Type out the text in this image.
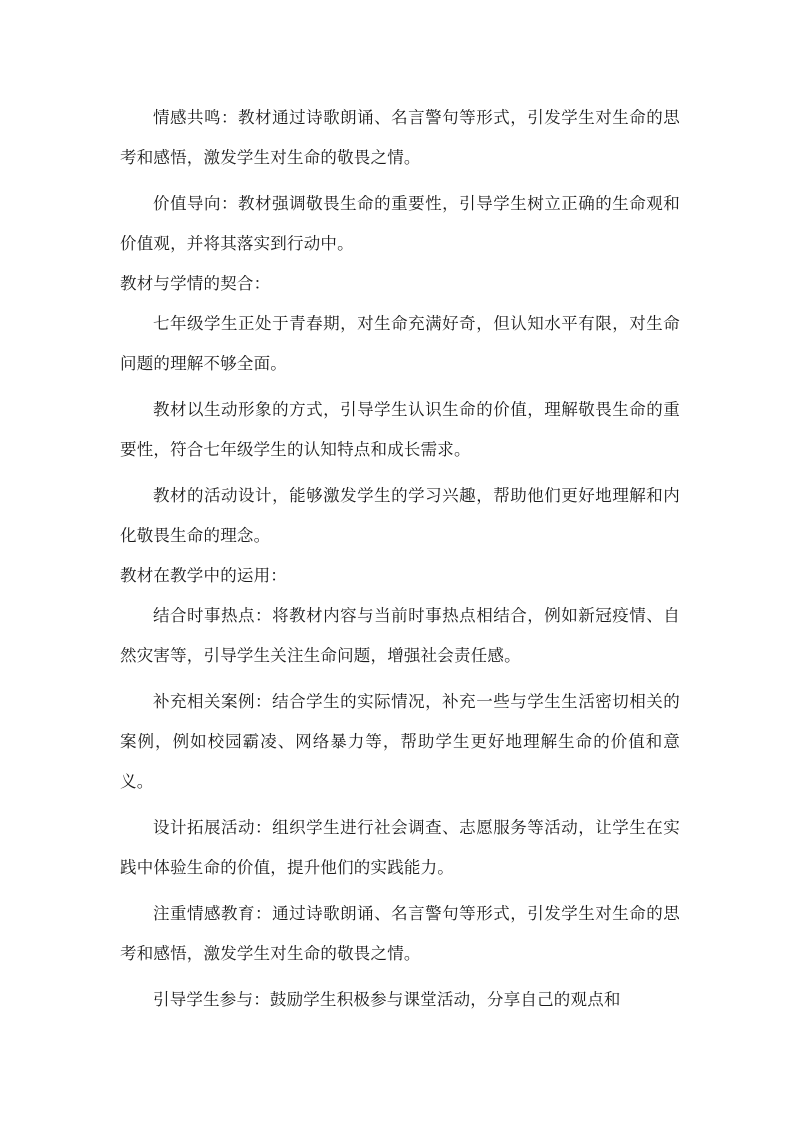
情感共鸣：教材通过诗歌朗诵、名言警句等形式，引发学生对生命的思考和感悟，激发学生对生命的敬畏之情。

价值导向：教材强调敬畏生命的重要性，引导学生树立正确的生命观和价值观，并将其落实到行动中。

教材与学情的契合：

七年级学生正处于青春期，对生命充满好奇，但认知水平有限，对生命问题的理解不够全面。

教材以生动形象的方式，引导学生认识生命的价值，理解敬畏生命的重要性，符合七年级学生的认知特点和成长需求。

教材的活动设计，能够激发学生的学习兴趣，帮助他们更好地理解和内化敬畏生命的理念。

教材在教学中的运用：

结合时事热点：将教材内容与当前时事热点相结合，例如新冠疫情、自然灾害等，引导学生关注生命问题，增强社会责任感。

补充相关案例：结合学生的实际情况，补充一些与学生生活密切相关的案例，例如校园霸凌、网络暴力等，帮助学生更好地理解生命的价值和意义。

设计拓展活动：组织学生进行社会调查、志愿服务等活动，让学生在实践中体验生命的价值，提升他们的实践能力。

注重情感教育：通过诗歌朗诵、名言警句等形式，引发学生对生命的思考和感悟，激发学生对生命的敬畏之情。

引导学生参与：鼓励学生积极参与课堂活动，分享自己的观点和
